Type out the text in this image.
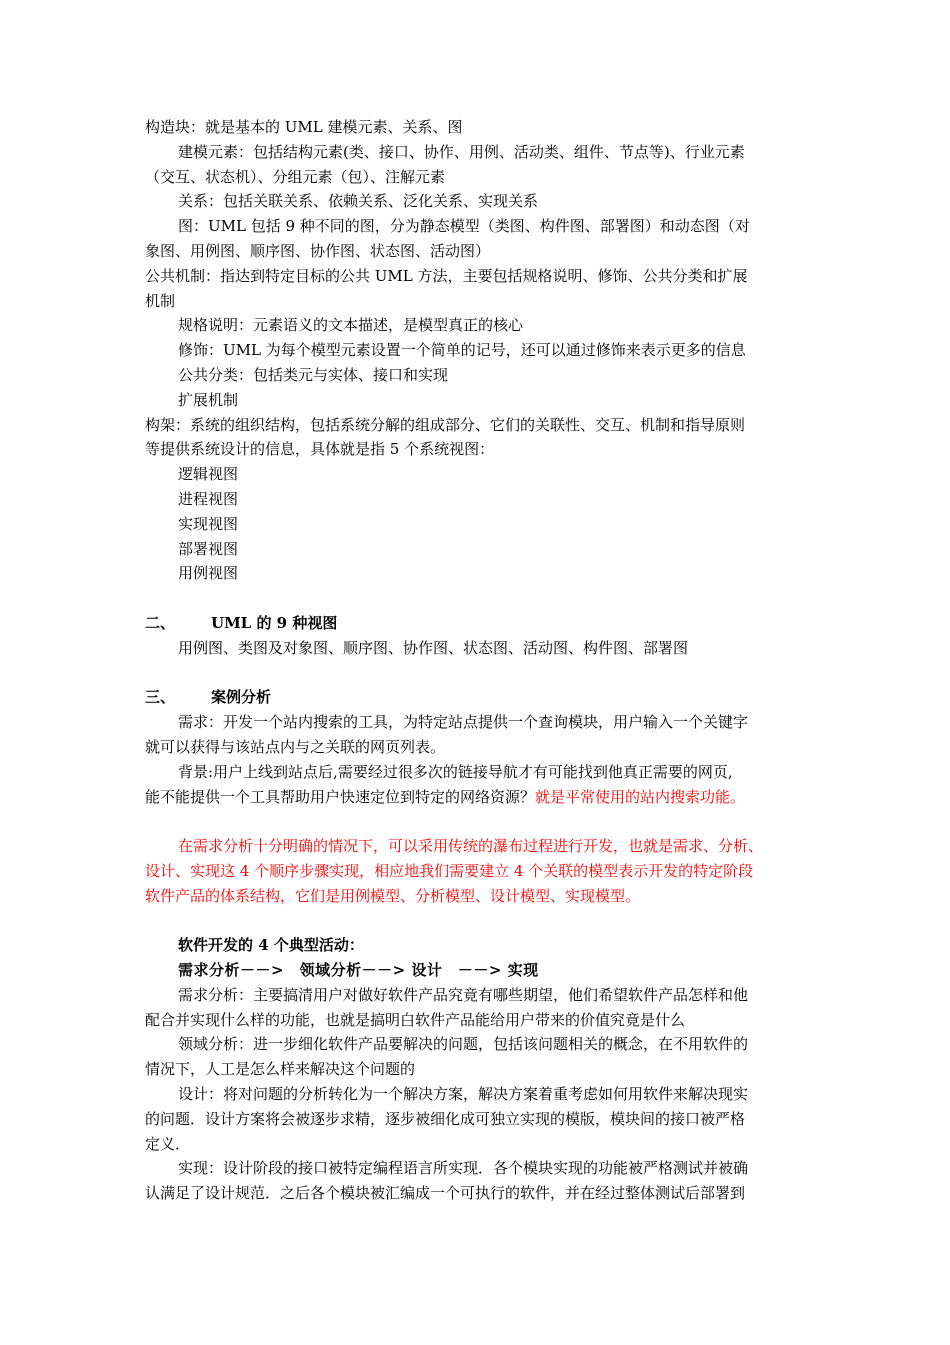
构造块：就是基本的 UML 建模元素、关系、图
建模元素：包括结构元素(类、接口、协作、用例、活动类、组件、节点等)、行业元素
（交互、状态机）、分组元素（包）、注解元素
关系：包括关联关系、依赖关系、泛化关系、实现关系
图：UML 包括 9 种不同的图，分为静态模型（类图、构件图、部署图）和动态图（对
象图、用例图、顺序图、协作图、状态图、活动图）
公共机制：指达到特定目标的公共 UML 方法，主要包括规格说明、修饰、公共分类和扩展
机制
规格说明：元素语义的文本描述，是模型真正的核心
修饰：UML 为每个模型元素设置一个简单的记号，还可以通过修饰来表示更多的信息
公共分类：包括类元与实体、接口和实现
扩展机制
构架：系统的组织结构，包括系统分解的组成部分、它们的关联性、交互、机制和指导原则
等提供系统设计的信息，具体就是指 5 个系统视图：
逻辑视图
进程视图
实现视图
部署视图
用例视图
二、 UML 的 9 种视图
用例图、类图及对象图、顺序图、协作图、状态图、活动图、构件图、部署图
三、 案例分析
需求：开发一个站内搜索的工具，为特定站点提供一个查询模块，用户输入一个关键字
就可以获得与该站点内与之关联的网页列表。
背景:用户上线到站点后,需要经过很多次的链接导航才有可能找到他真正需要的网页,
能不能提供一个工具帮助用户快速定位到特定的网络资源？就是平常使用的站内搜索功能。
在需求分析十分明确的情况下，可以采用传统的瀑布过程进行开发，也就是需求、分析、
设计、实现这 4 个顺序步骤实现，相应地我们需要建立 4 个关联的模型表示开发的特定阶段
软件产品的体系结构，它们是用例模型、分析模型、设计模型、实现模型。
软件开发的 4 个典型活动：
需求分析－－>　领域分析－－> 设计　－－> 实现
需求分析：主要搞清用户对做好软件产品究竟有哪些期望，他们希望软件产品怎样和他
配合并实现什么样的功能，也就是搞明白软件产品能给用户带来的价值究竟是什么
领域分析：进一步细化软件产品要解决的问题，包括该问题相关的概念，在不用软件的
情况下，人工是怎么样来解决这个问题的
设计：将对问题的分析转化为一个解决方案，解决方案着重考虑如何用软件来解决现实
的问题．设计方案将会被逐步求精，逐步被细化成可独立实现的模版，模块间的接口被严格
定义．
实现：设计阶段的接口被特定编程语言所实现．各个模块实现的功能被严格测试并被确
认满足了设计规范．之后各个模块被汇编成一个可执行的软件，并在经过整体测试后部署到
